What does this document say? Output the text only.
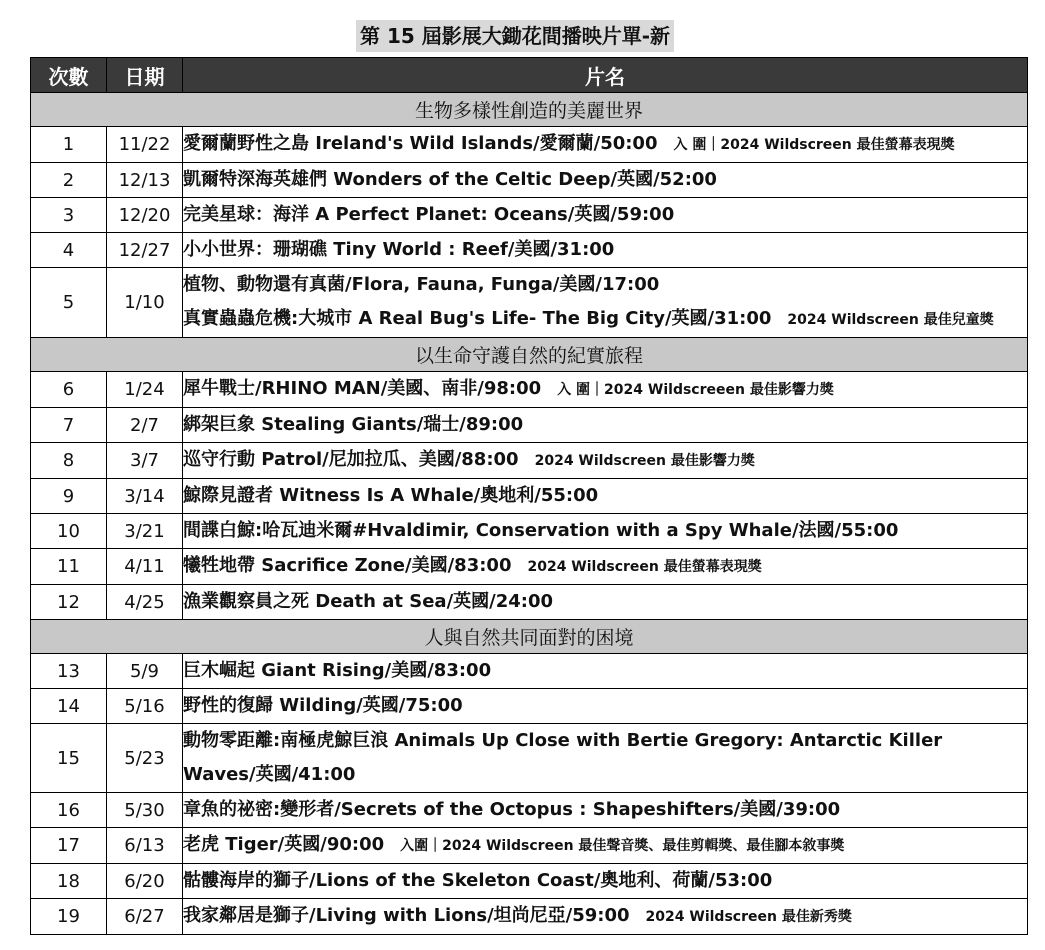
第 15 屆影展大鋤花間播映片單-新
次數	日期	片名
生物多樣性創造的美麗世界		
1	11/22	愛爾蘭野性之島 Ireland's Wild Islands/愛爾蘭/50:00 入 圍｜2024 Wildscreen 最佳螢幕表現獎

2	12/13	凱爾特深海英雄們 Wonders of the Celtic Deep/英國/52:00

3	12/20	完美星球：海洋 A Perfect Planet: Oceans/英國/59:00

4	12/27	小小世界：珊瑚礁 Tiny World : Reef/美國/31:00

5	1/10	植物、動物還有真菌/Flora, Fauna, Funga/美國/17:00
真實蟲蟲危機:大城市 A Real Bug's Life- The Big City/英國/31:00 2024 Wildscreen 最佳兒童獎

以生命守護自然的紀實旅程		
6	1/24	犀牛戰士/RHINO MAN/美國、南非/98:00 入 圍｜2024 Wildscreeen 最佳影響力獎

7	2/7	綁架巨象 Stealing Giants/瑞士/89:00

8	3/7	巡守行動 Patrol/尼加拉瓜、美國/88:00 2024 Wildscreen 最佳影響力獎

9	3/14	鯨際見證者 Witness Is A Whale/奧地利/55:00

10	3/21	間諜白鯨:哈瓦迪米爾#Hvaldimir, Conservation with a Spy Whale/法國/55:00

11	4/11	犧牲地帶 Sacrifice Zone/美國/83:00 2024 Wildscreen 最佳螢幕表現獎

12	4/25	漁業觀察員之死 Death at Sea/英國/24:00

人與自然共同面對的困境		
13	5/9	巨木崛起 Giant Rising/美國/83:00

14	5/16	野性的復歸 Wilding/英國/75:00

15	5/23	動物零距離:南極虎鯨巨浪 Animals Up Close with Bertie Gregory: Antarctic Killer
Waves/英國/41:00

16	5/30	章魚的祕密:變形者/Secrets of the Octopus : Shapeshifters/美國/39:00

17	6/13	老虎 Tiger/英國/90:00 入圍｜2024 Wildscreen 最佳聲音獎、最佳剪輯獎、最佳腳本敘事獎

18	6/20	骷髏海岸的獅子/Lions of the Skeleton Coast/奧地利、荷蘭/53:00

19	6/27	我家鄰居是獅子/Living with Lions/坦尚尼亞/59:00 2024 Wildscreen 最佳新秀獎
